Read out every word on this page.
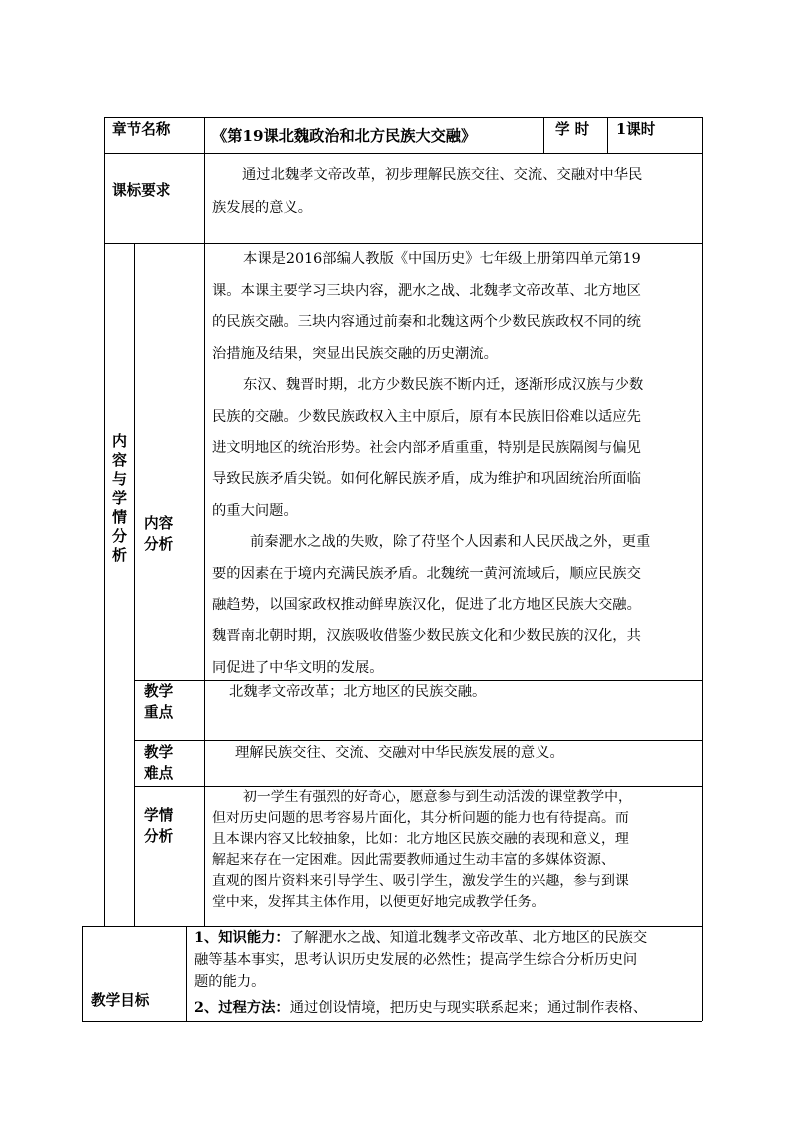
章节名称	《第19课北魏政治和北方民族大交融》	学 时 1课时
课标要求
通过北魏孝文帝改革，初步理解民族交往、交流、交融对中华民
族发展的意义。
内
容
与
学
情
分
析
内容
分析
本课是2016部编人教版《中国历史》七年级上册第四单元第19
课。本课主要学习三块内容，淝水之战、北魏孝文帝改革、北方地区
的民族交融。三块内容通过前秦和北魏这两个少数民族政权不同的统
治措施及结果，突显出民族交融的历史潮流。
东汉、魏晋时期，北方少数民族不断内迁，逐渐形成汉族与少数
民族的交融。少数民族政权入主中原后，原有本民族旧俗难以适应先
进文明地区的统治形势。社会内部矛盾重重，特别是民族隔阂与偏见
导致民族矛盾尖锐。如何化解民族矛盾，成为维护和巩固统治所面临
的重大问题。
前秦淝水之战的失败，除了苻坚个人因素和人民厌战之外，更重
要的因素在于境内充满民族矛盾。北魏统一黄河流域后，顺应民族交
融趋势，以国家政权推动鲜卑族汉化，促进了北方地区民族大交融。
魏晋南北朝时期，汉族吸收借鉴少数民族文化和少数民族的汉化，共
同促进了中华文明的发展。
教学
重点
北魏孝文帝改革；北方地区的民族交融。
教学
难点
理解民族交往、交流、交融对中华民族发展的意义。
学情
分析
初一学生有强烈的好奇心，愿意参与到生动活泼的课堂教学中，
但对历史问题的思考容易片面化，其分析问题的能力也有待提高。而
且本课内容又比较抽象，比如：北方地区民族交融的表现和意义，理
解起来存在一定困难。因此需要教师通过生动丰富的多媒体资源、
直观的图片资料来引导学生、吸引学生，激发学生的兴趣，参与到课
堂中来，发挥其主体作用，以便更好地完成教学任务。
教学目标
1、知识能力：了解淝水之战、知道北魏孝文帝改革、北方地区的民族交
融等基本事实，思考认识历史发展的必然性；提高学生综合分析历史问
题的能力。
2、过程方法：通过创设情境，把历史与现实联系起来；通过制作表格、
